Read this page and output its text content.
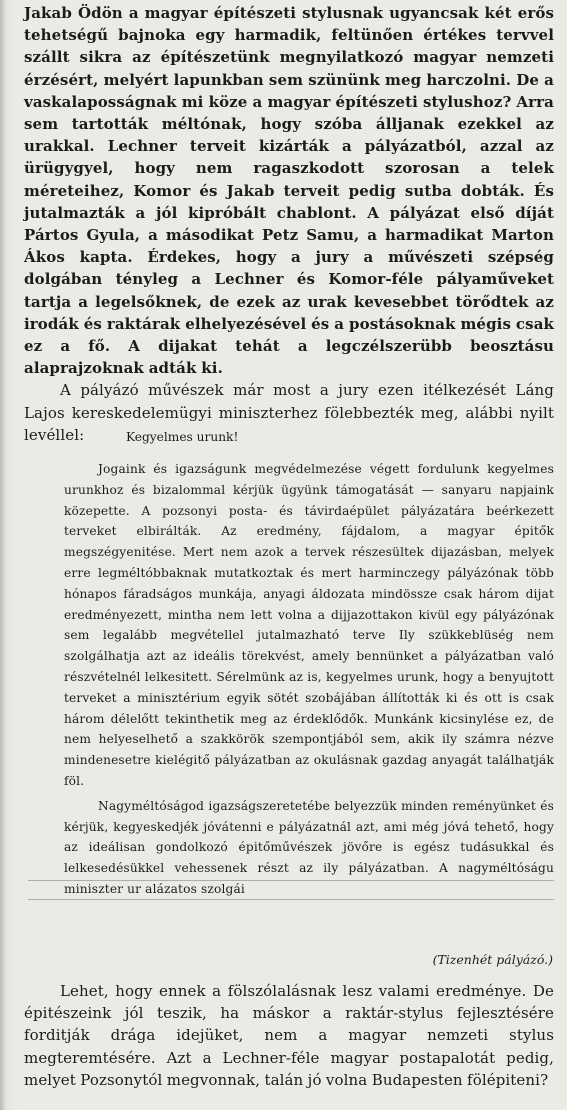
Jakab Ödön a magyar építészeti stylusnak ugyancsak két erős tehetségű bajnoka egy harmadik, feltünően értékes tervvel szállt sikra az építészetünk megnyilatkozó magyar nemzeti érzésért, melyért lapunkban sem szününk meg harczolni. De a vaskalaposságnak mi köze a magyar építészeti stylushoz? Arra sem tartották méltónak, hogy szóba álljanak ezekkel az urakkal. Lechner terveit kizárták a pályázatból, azzal az ürügygyel, hogy nem ragaszkodott szorosan a telek méreteihez, Komor és Jakab terveit pedig sutba dobták. És jutalmazták a jól kipróbált chablont. A pályázat első díját Pártos Gyula, a másodikat Petz Samu, a harmadikat Marton Ákos kapta. Érdekes, hogy a jury a művészeti szépség dolgában tényleg a Lechner és Komor-féle pályaműveket tartja a legelsőknek, de ezek az urak kevesebbet törődtek az irodák és raktárak elhelyezésével és a postásoknak mégis csak ez a fő. A dijakat tehát a legczélszerübb beosztásu alaprajzoknak adták ki.

A pályázó művészek már most a jury ezen itélkezését Láng Lajos kereskedelemügyi miniszterhez fölebbezték meg, alábbi nyilt levéllel:	Kegyelmes urunk!

Jogaink és igazságunk megvédelmezése végett fordulunk kegyelmes urunkhoz és bizalommal kérjük ügyünk támogatását — sanyaru napjaink közepette. A pozsonyi posta- és távirdaépület pályázatára beérkezett terveket elbirálták. Az eredmény, fájdalom, a magyar épitők megszégyenitése. Mert nem azok a tervek részesültek dijazásban, melyek erre legméltóbbaknak mutatkoztak és mert harminczegy pályázónak több hónapos fáradságos munkája, anyagi áldozata mindössze csak három dijat eredményezett, mintha nem lett volna a dijjazottakon kivül egy pályázónak sem legalább megvétellel jutalmazható terve Ily szükkeblüség nem szolgálhatja azt az ideális törekvést, amely bennünket a pályázatban való részvételnél lelkesitett. Sérelmünk az is, kegyelmes urunk, hogy a benyujtott terveket a minisztérium egyik sötét szobájában állították ki és ott is csak három délelőtt tekinthetik meg az érdeklődők. Munkánk kicsinylése ez, de nem helyeselhető a szakkörök szempontjából sem, akik ily számra nézve mindenesetre kielégitő pályázatban az okulásnak gazdag anyagát találhatják föl.

Nagyméltóságod igazságszeretetébe belyezzük minden reményünket és kérjük, kegyeskedjék jóvátenni e pályázatnál azt, ami még jóvá tehető, hogy az ideálisan gondolkozó épitőművészek jövőre is egész tudásukkal és lelkesedésükkel vehessenek részt az ily pályázatban. A nagyméltóságu miniszter ur alázatos szolgái

(Tizenhét pályázó.)

Lehet, hogy ennek a fölszólalásnak lesz valami eredménye. De épitészeink jól teszik, ha máskor a raktár-stylus fejlesztésére forditják drága idejüket, nem a magyar nemzeti stylus megteremtésére. Azt a Lechner-féle magyar postapalotát pedig, melyet Pozsonytól megvonnak, talán jó volna Budapesten fölépiteni?
